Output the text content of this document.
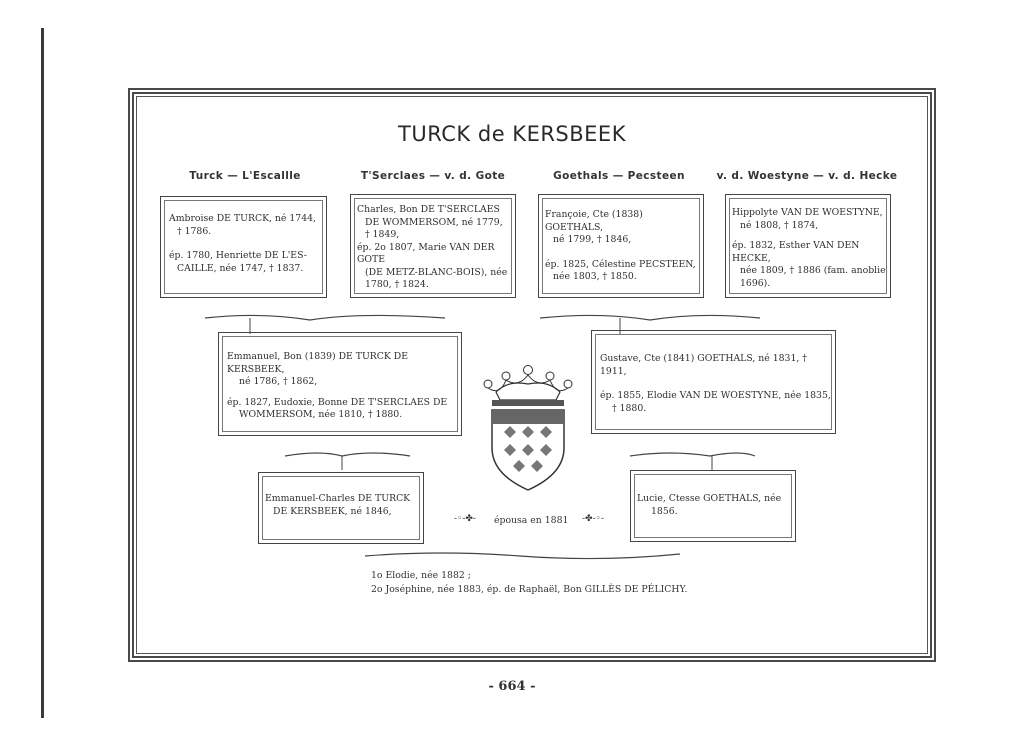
TURCK de KERSBEEK
Turck — L'Escallle	T'Serclaes — v. d. Gote	Goethals — Pecsteen	v. d. Woestyne — v. d. Hecke
Ambroise DE TURCK, né 1744,
† 1786.
ép. 1780, Henriette DE L'ES-
CAILLE, née 1747, † 1837.
Charles, Bon DE T'SERCLAES
DE WOMMERSOM, né 1779,
† 1849,
ép. 2o 1807, Marie VAN DER GOTE
(DE METZ-BLANC-BOIS), née
1780, † 1824.
Françoie, Cte (1838) GOETHALS,
né 1799, † 1846,
ép. 1825, Célestine PECSTEEN,
née 1803, † 1850.
Hippolyte VAN DE WOESTYNE,
né 1808, † 1874,
ép. 1832, Esther VAN DEN HECKE,
née 1809, † 1886 (fam. anoblie
1696).
Emmanuel, Bon (1839) DE TURCK DE KERSBEEK,
né 1786, † 1862,
ép. 1827, Eudoxie, Bonne DE T'SERCLAES DE
WOMMERSOM, née 1810, † 1880.
Gustave, Cte (1841) GOETHALS, né 1831, † 1911,
ép. 1855, Elodie VAN DE WOESTYNE, née 1835,
† 1880.
Emmanuel-Charles DE TURCK
DE KERSBEEK, né 1846,
Lucie, Ctesse GOETHALS, née
1856.
-◦-✤- épousa en 1881 -✤-◦-
1o Elodie, née 1882 ;
2o Joséphine, née 1883, ép. de Raphaël, Bon GILLÈS DE PÉLICHY.
- 664 -
